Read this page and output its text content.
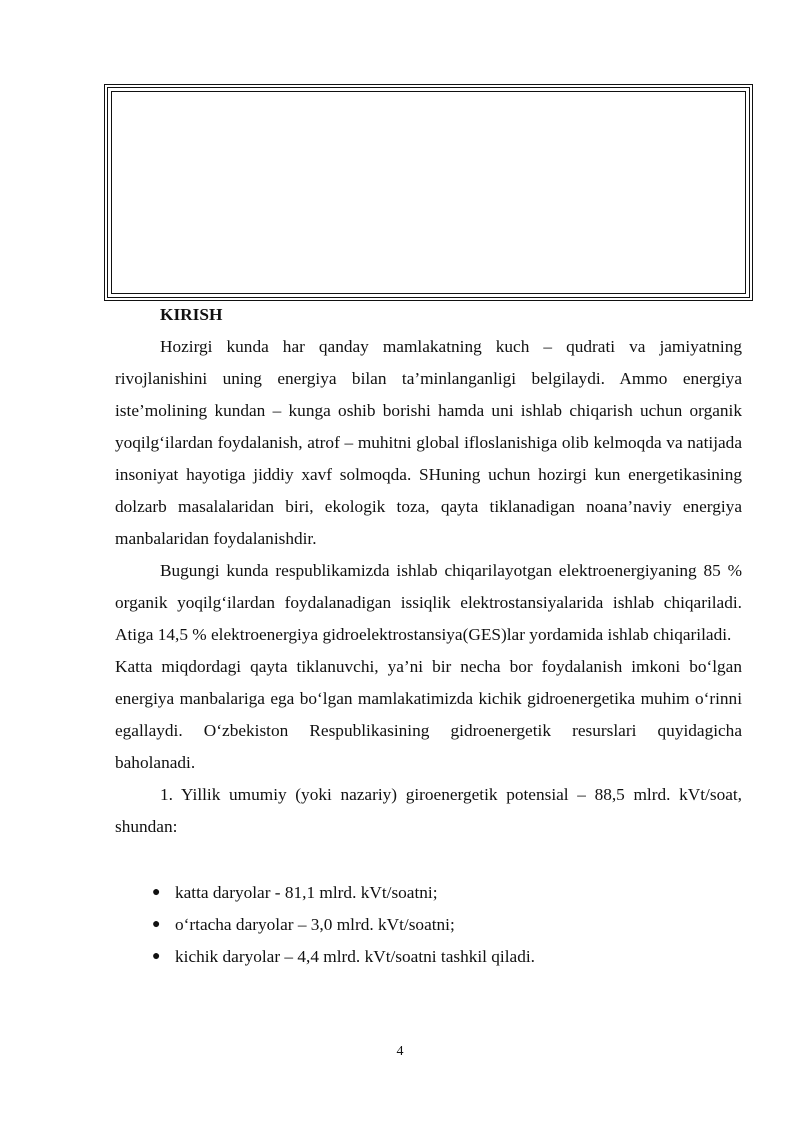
KIRISH

Hozirgi kunda har qanday mamlakatning kuch – qudrati va jamiyatning rivojlanishini uning energiya bilan ta’minlanganligi belgilaydi. Ammo energiya iste’molining kundan – kunga oshib borishi hamda uni ishlab chiqarish uchun organik yoqilg‘ilardan foydalanish, atrof – muhitni global ifloslanishiga olib kelmoqda va natijada insoniyat hayotiga jiddiy xavf solmoqda. SHuning uchun hozirgi kun energetikasining dolzarb masalalaridan biri, ekologik toza, qayta tiklanadigan noana’naviy energiya manbalaridan foydalanishdir.

Bugungi kunda respublikamizda ishlab chiqarilayotgan elektroenergiyaning 85 % organik yoqilg‘ilardan foydalanadigan issiqlik elektrostansiyalarida ishlab chiqariladi. Atiga 14,5 % elektroenergiya gidroelektrostansiya(GES)lar yordamida ishlab chiqariladi.

Katta miqdordagi qayta tiklanuvchi, ya’ni bir necha bor foydalanish imkoni bo‘lgan energiya manbalariga ega bo‘lgan mamlakatimizda kichik gidroenergetika muhim o‘rinni egallaydi. O‘zbekiston Respublikasining gidroenergetik resurslari quyidagicha baholanadi.

1. Yillik umumiy (yoki nazariy) giroenergetik potensial – 88,5 mlrd. kVt/soat, shundan:

● katta daryolar - 81,1 mlrd. kVt/soatni;
● o‘rtacha daryolar – 3,0 mlrd. kVt/soatni;
● kichik daryolar – 4,4 mlrd. kVt/soatni tashkil qiladi.
4
